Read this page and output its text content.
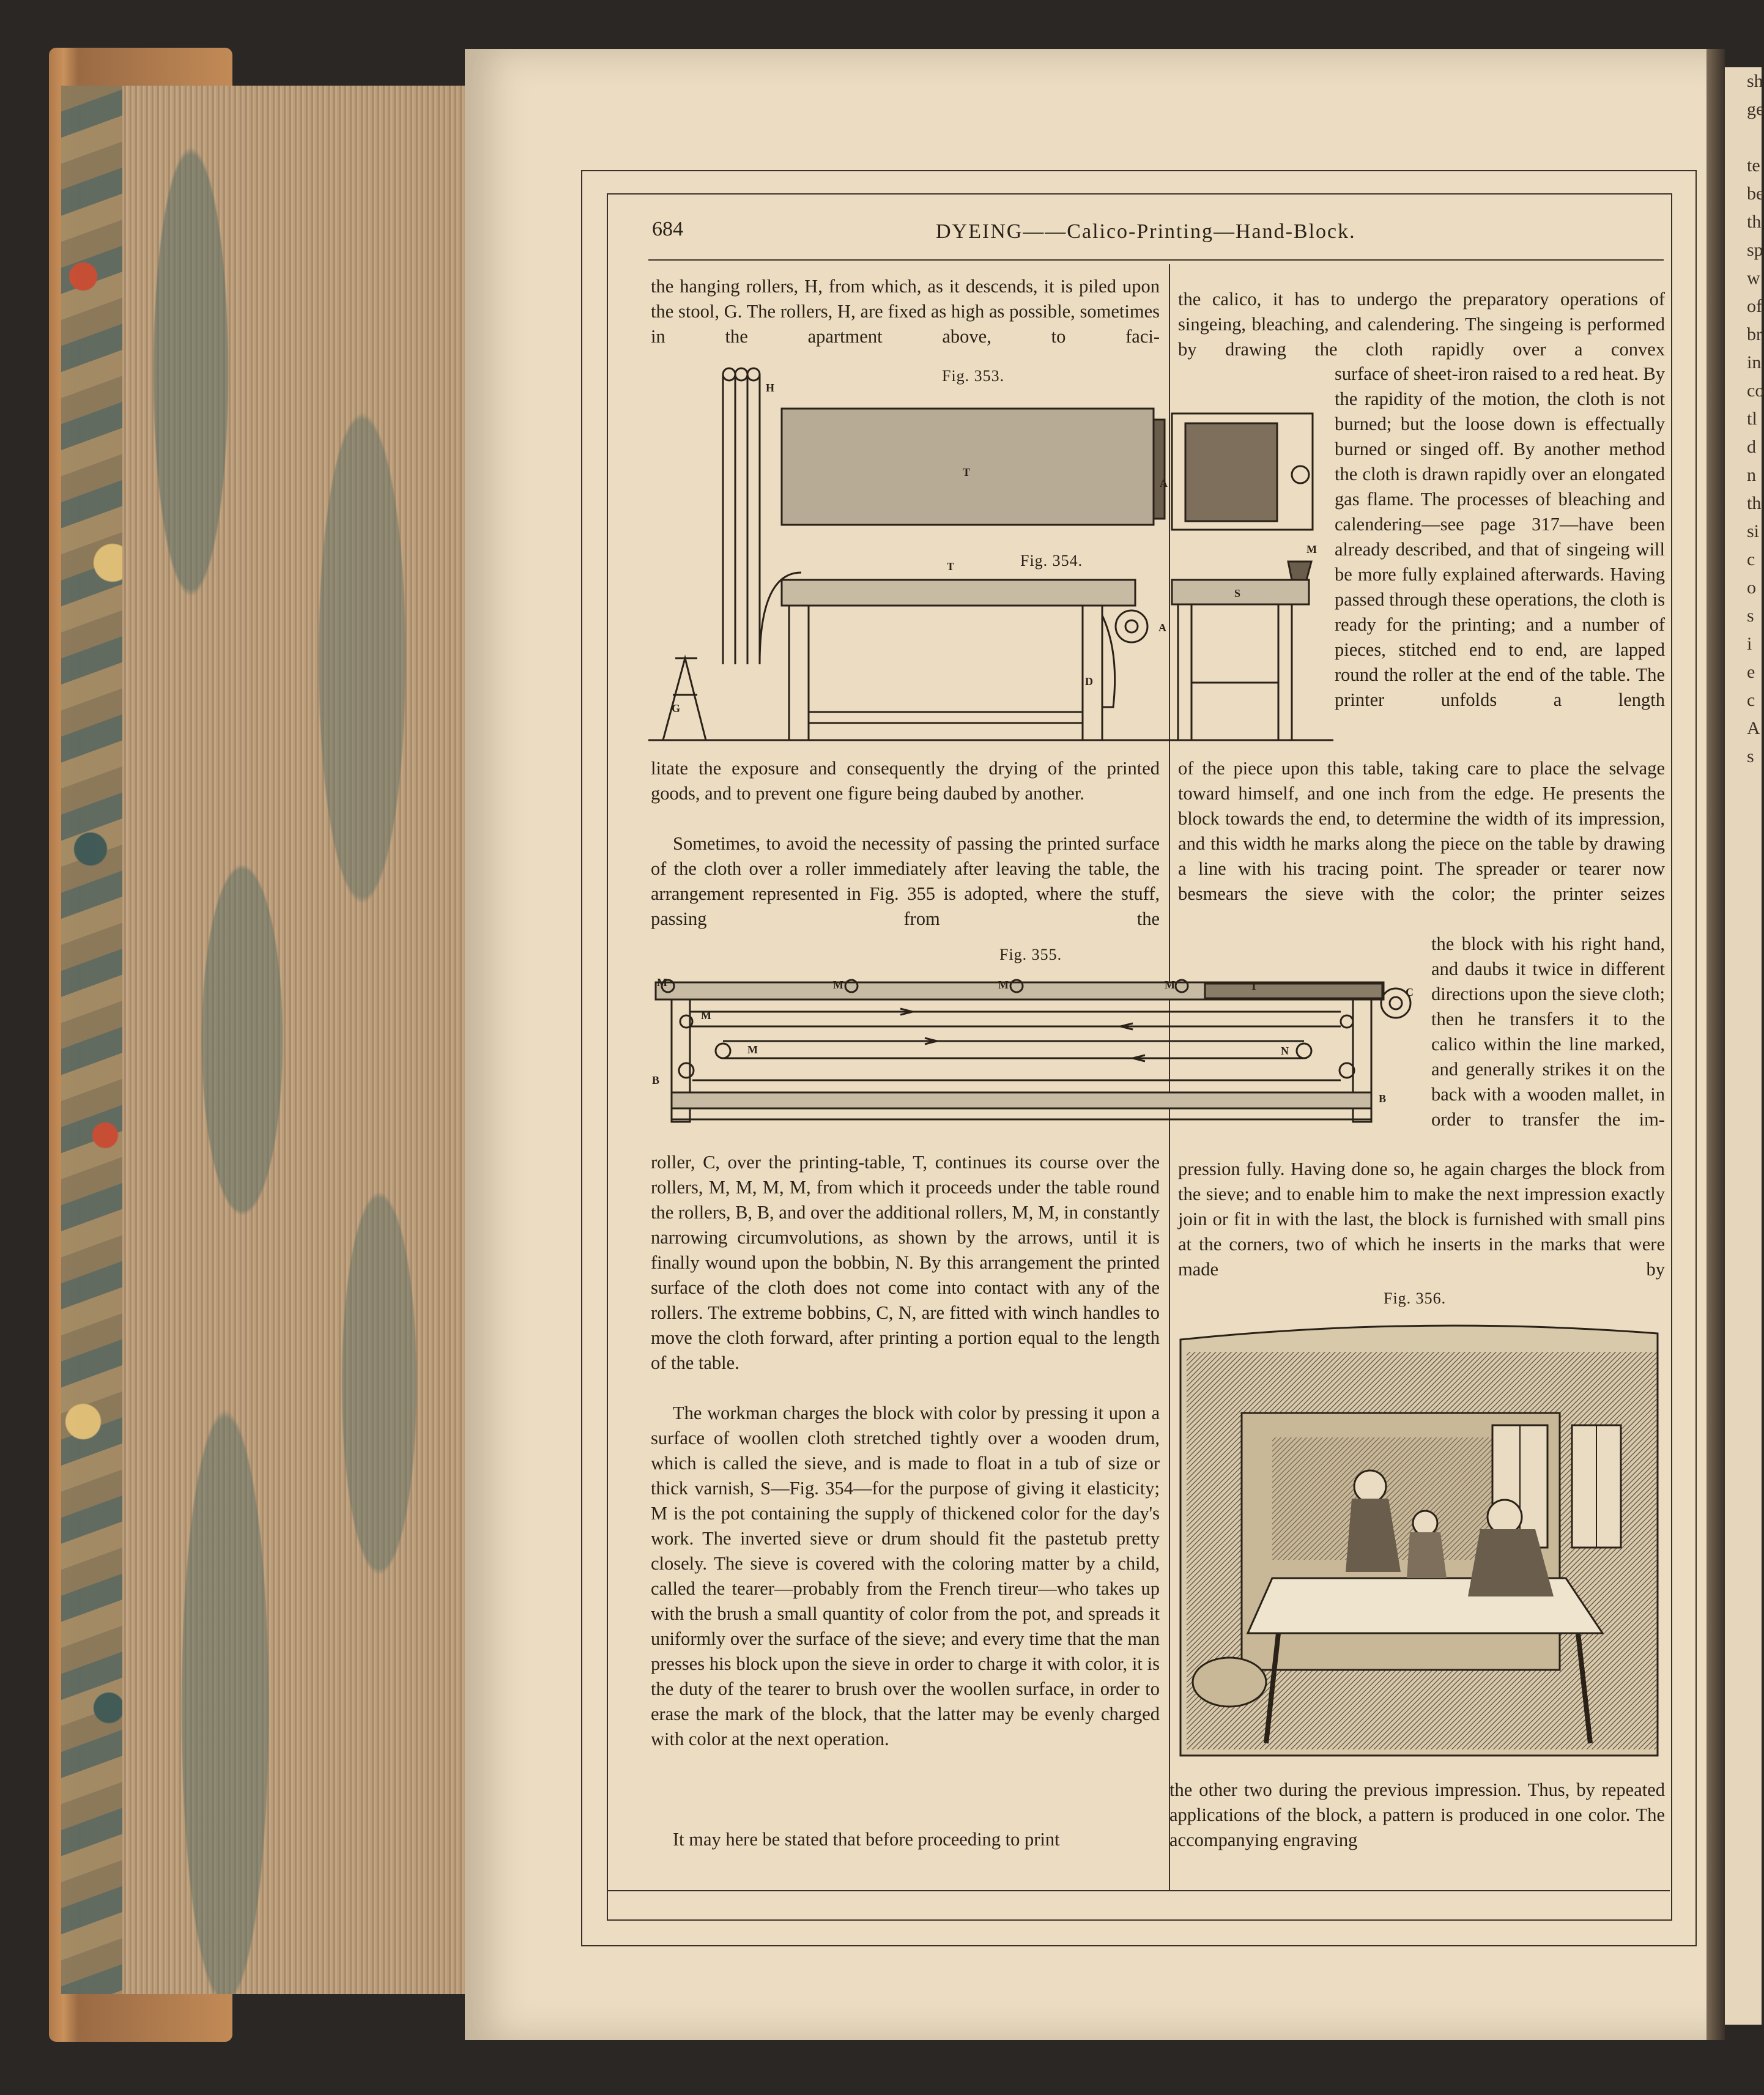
sh
ge

te
be
th
sp
w
of
br
in
co
tl
d
n
th
si
c
o
s
i
e
c
A
s
684	DYEING——Calico-Printing—Hand-Block.

the hanging rollers, H, from which, as it descends, it is piled upon the stool, G. The rollers, H, are fixed as high as possible, sometimes in the apartment above, to faci-

litate the exposure and consequently the drying of the printed goods, and to prevent one figure being daubed by another.

Sometimes, to avoid the necessity of passing the printed surface of the cloth over a roller immediately after leaving the table, the arrangement represented in Fig. 355 is adopted, where the stuff, passing from the

roller, C, over the printing-table, T, continues its course over the rollers, M, M, M, M, from which it proceeds under the table round the rollers, B, B, and over the additional rollers, M, M, in constantly narrowing circumvolutions, as shown by the arrows, until it is finally wound upon the bobbin, N. By this arrangement the printed surface of the cloth does not come into contact with any of the rollers. The extreme bobbins, C, N, are fitted with winch handles to move the cloth forward, after printing a portion equal to the length of the table.

The workman charges the block with color by pressing it upon a surface of woollen cloth stretched tightly over a wooden drum, which is called the sieve, and is made to float in a tub of size or thick varnish, S—Fig. 354—for the purpose of giving it elasticity; M is the pot containing the supply of thickened color for the day's work. The inverted sieve or drum should fit the pastetub pretty closely. The sieve is covered with the coloring matter by a child, called the tearer—probably from the French tireur—who takes up with the brush a small quantity of color from the pot, and spreads it uniformly over the surface of the sieve; and every time that the man presses his block upon the sieve in order to charge it with color, it is the duty of the tearer to brush over the woollen surface, in order to erase the mark of the block, that the latter may be evenly charged with color at the next operation.

It may here be stated that before proceeding to print

the calico, it has to undergo the preparatory operations of singeing, bleaching, and calendering. The singeing is performed by drawing the cloth rapidly over a convex

surface of sheet-iron raised to a red heat. By the rapidity of the motion, the cloth is not burned; but the loose down is effectually burned or singed off. By another method the cloth is drawn rapidly over an elongated gas flame. The processes of bleaching and calendering—see page 317—have been already described, and that of singeing will be more fully explained afterwards. Having passed through these operations, the cloth is ready for the printing; and a number of pieces, stitched end to end, are lapped round the roller at the end of the table. The printer unfolds a length

of the piece upon this table, taking care to place the selvage toward himself, and one inch from the edge. He presents the block towards the end, to determine the width of its impression, and this width he marks along the piece on the table by drawing a line with his tracing point. The spreader or tearer now besmears the sieve with the color; the printer seizes

the block with his right hand, and daubs it twice in different directions upon the sieve cloth; then he transfers it to the calico within the line marked, and generally strikes it on the back with a wooden mallet, in order to transfer the im-

pression fully. Having done so, he again charges the block from the sieve; and to enable him to make the next impression exactly join or fit in with the last, the block is furnished with small pins at the corners, two of which he inserts in the marks that were made by

the other two during the previous impression. Thus, by repeated applications of the block, a pattern is produced in one color. The accompanying engraving

Fig. 353.
Fig. 354.
H
T
A
T
M
S
A
D
G
Fig. 355.
M	M	M	M
M
M
T	C
N
B
B
Fig. 356.
